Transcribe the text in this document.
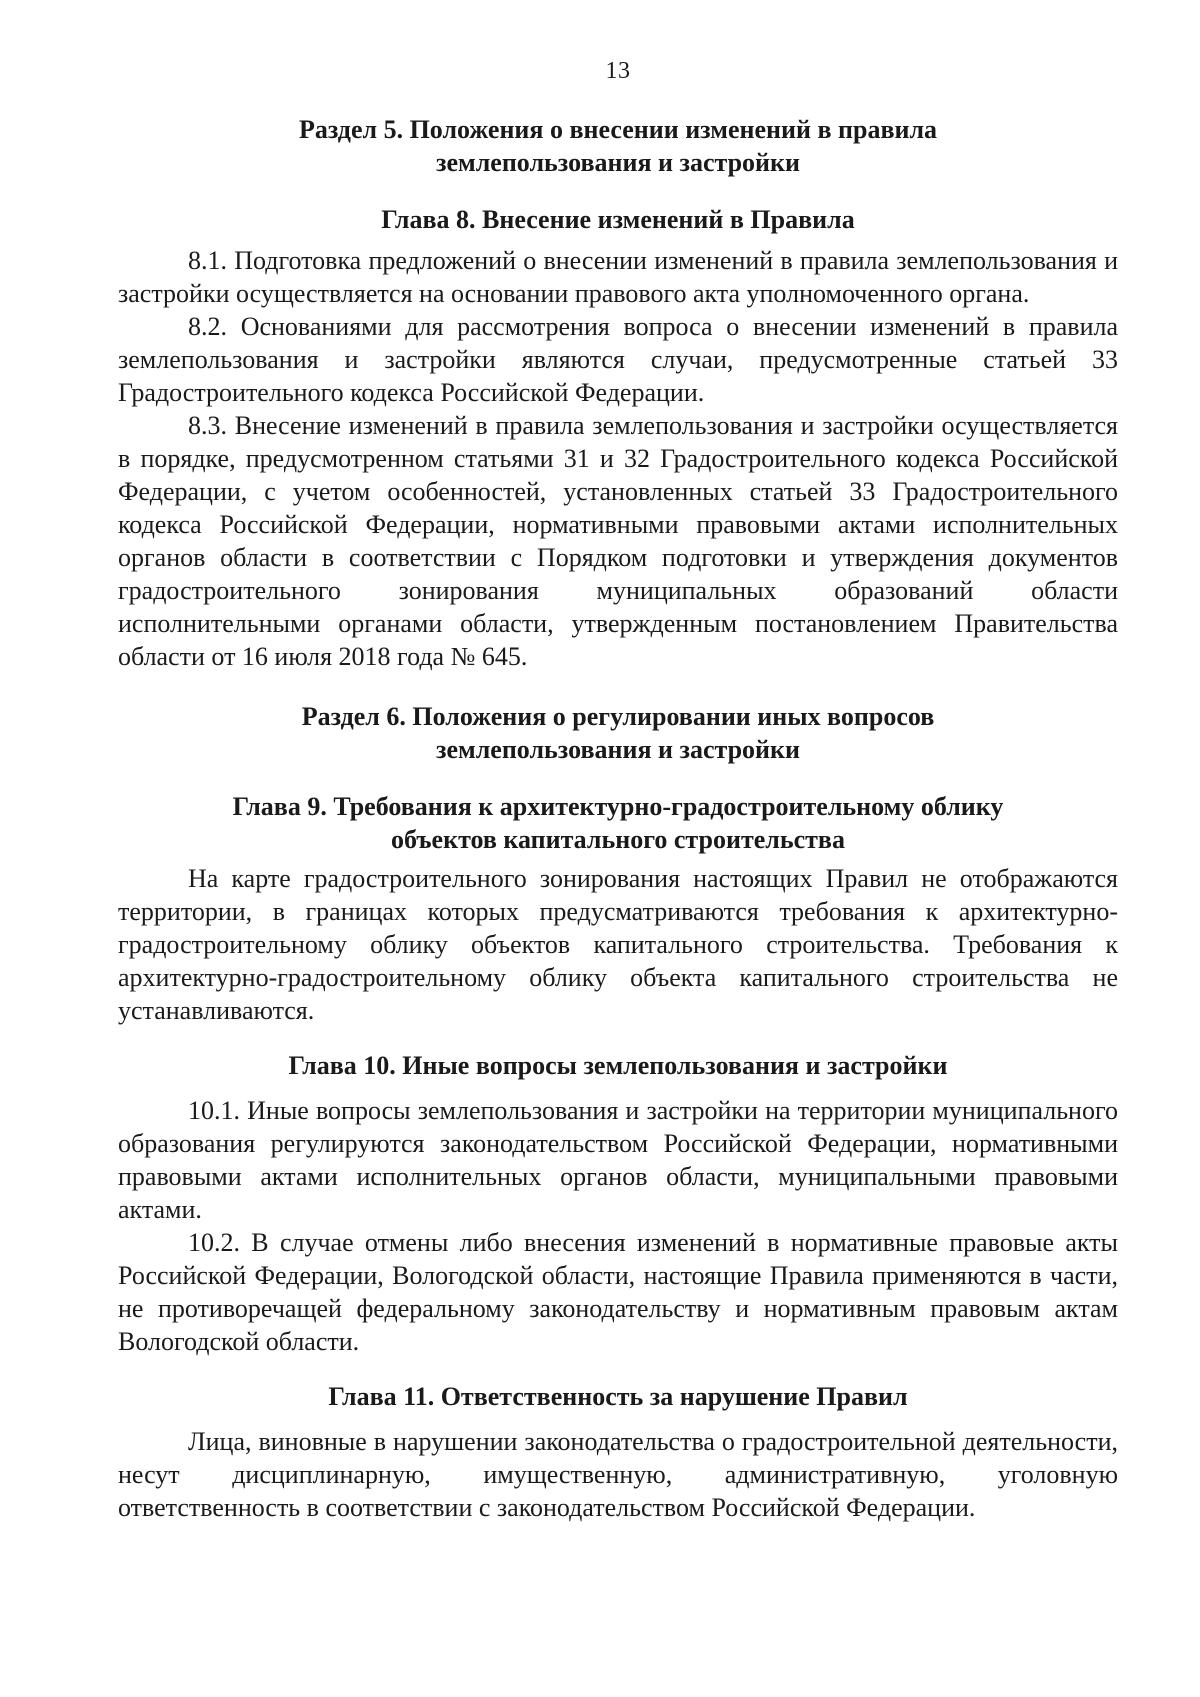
13
Раздел 5. Положения о внесении изменений в правила
землепользования и застройки
Глава 8. Внесение изменений в Правила

8.1. Подготовка предложений о внесении изменений в правила землепользования и застройки осуществляется на основании правового акта уполномоченного органа.

8.2. Основаниями для рассмотрения вопроса о внесении изменений в правила землепользования и застройки являются случаи, предусмотренные статьей 33 Градостроительного кодекса Российской Федерации.

8.3. Внесение изменений в правила землепользования и застройки осуществляется в порядке, предусмотренном статьями 31 и 32 Градостроительного кодекса Российской Федерации, с учетом особенностей, установленных статьей 33 Градостроительного кодекса Российской Федерации, нормативными правовыми актами исполнительных органов области в соответствии с Порядком подготовки и утверждения документов градостроительного зонирования муниципальных образований области исполнительными органами области, утвержденным постановлением Правительства области от 16 июля 2018 года № 645.

Раздел 6. Положения о регулировании иных вопросов
землепользования и застройки
Глава 9. Требования к архитектурно-градостроительному облику
объектов капитального строительства

На карте градостроительного зонирования настоящих Правил не отображаются территории, в границах которых предусматриваются требования к архитектурно-градостроительному облику объектов капитального строительства. Требования к архитектурно-градостроительному облику объекта капитального строительства не устанавливаются.

Глава 10. Иные вопросы землепользования и застройки

10.1. Иные вопросы землепользования и застройки на территории муниципального образования регулируются законодательством Российской Федерации, нормативными правовыми актами исполнительных органов области, муниципальными правовыми актами.

10.2. В случае отмены либо внесения изменений в нормативные правовые акты Российской Федерации, Вологодской области, настоящие Правила применяются в части, не противоречащей федеральному законодательству и нормативным правовым актам Вологодской области.

Глава 11. Ответственность за нарушение Правил

Лица, виновные в нарушении законодательства о градостроительной деятельности, несут дисциплинарную, имущественную, административную, уголовную ответственность в соответствии с законодательством Российской Федерации.
